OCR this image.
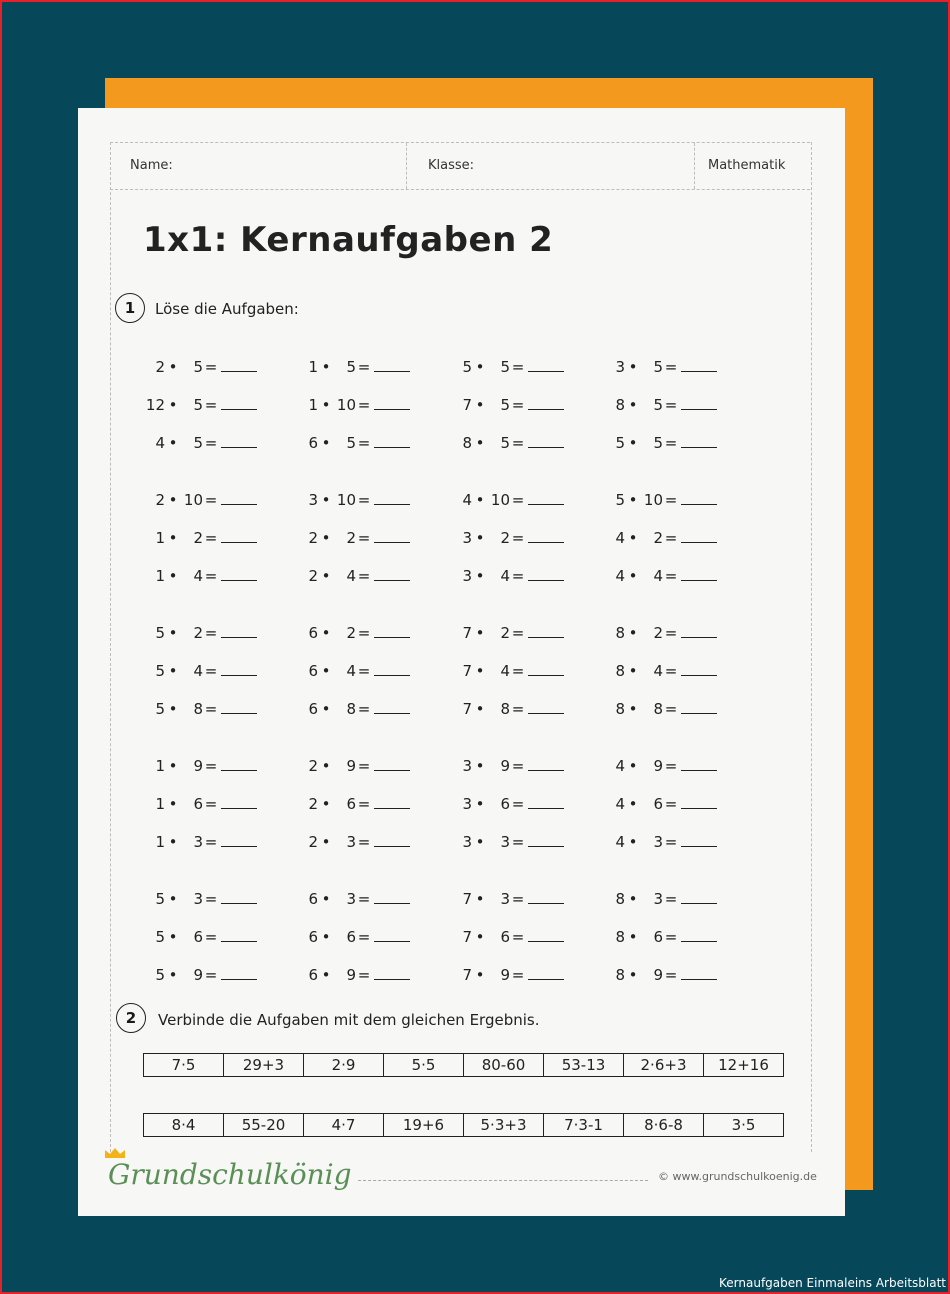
Name:	Klasse:	Mathematik
1x1: Kernaufgaben 2
1	Löse die Aufgaben:
2 • 5 =	1 • 5 =	5 • 5 =	3 • 5 =
12 • 5 =	1 • 10 =	7 • 5 =	8 • 5 =
4 • 5 =	6 • 5 =	8 • 5 =	5 • 5 =
2 • 10 =	3 • 10 =	4 • 10 =	5 • 10 =
1 • 2 =	2 • 2 =	3 • 2 =	4 • 2 =
1 • 4 =	2 • 4 =	3 • 4 =	4 • 4 =
5 • 2 =	6 • 2 =	7 • 2 =	8 • 2 =
5 • 4 =	6 • 4 =	7 • 4 =	8 • 4 =
5 • 8 =	6 • 8 =	7 • 8 =	8 • 8 =
1 • 9 =	2 • 9 =	3 • 9 =	4 • 9 =
1 • 6 =	2 • 6 =	3 • 6 =	4 • 6 =
1 • 3 =	2 • 3 =	3 • 3 =	4 • 3 =
5 • 3 =	6 • 3 =	7 • 3 =	8 • 3 =
5 • 6 =	6 • 6 =	7 • 6 =	8 • 6 =
5 • 9 =	6 • 9 =	7 • 9 =	8 • 9 =
2	Verbinde die Aufgaben mit dem gleichen Ergebnis.
7·5	29+3	2·9	5·5	80-60	53-13	2·6+3	12+16
8·4	55-20	4·7	19+6	5·3+3	7·3-1	8·6-8	3·5
Grundschulkönig	© www.grundschulkoenig.de
Kernaufgaben Einmaleins Arbeitsblatt
